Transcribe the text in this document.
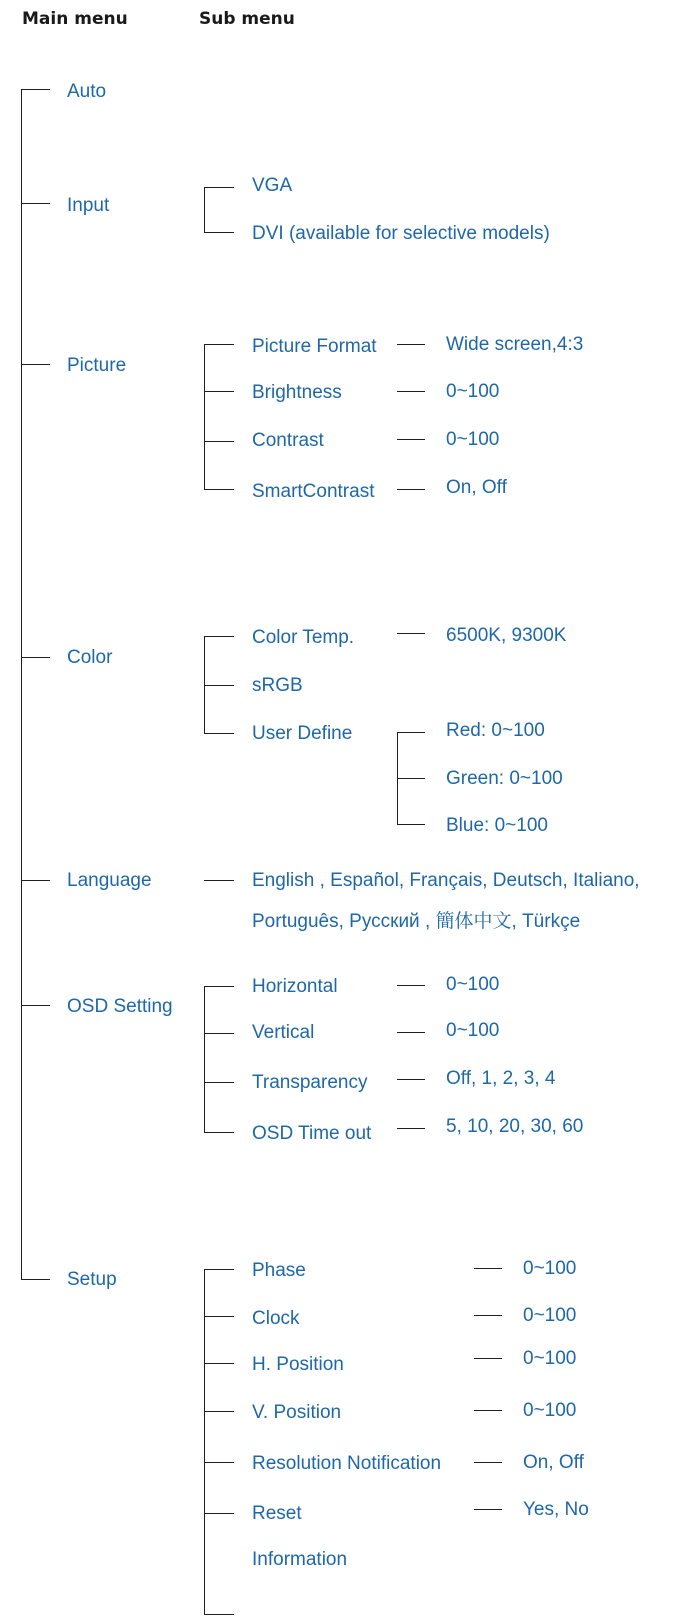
Main menu	Sub menu
Auto
Input
Picture
Color
Language
OSD Setting
Setup
VGA
DVI (available for selective models)
Picture Format
Brightness
Contrast
SmartContrast
Wide screen,4:3
0~100
0~100
On, Off
Color Temp.
sRGB
User Define
6500K, 9300K
Red: 0~100
Green: 0~100
Blue: 0~100
English , Español, Français, Deutsch, Italiano,
Português, Русский , 簡体中文, Türkçe
Horizontal
Vertical
Transparency
OSD Time out
0~100
0~100
Off, 1, 2, 3, 4
5, 10, 20, 30, 60
Phase
Clock
H. Position
V. Position
Resolution Notification
Reset
Information
0~100
0~100
0~100
0~100
On, Off
Yes, No
